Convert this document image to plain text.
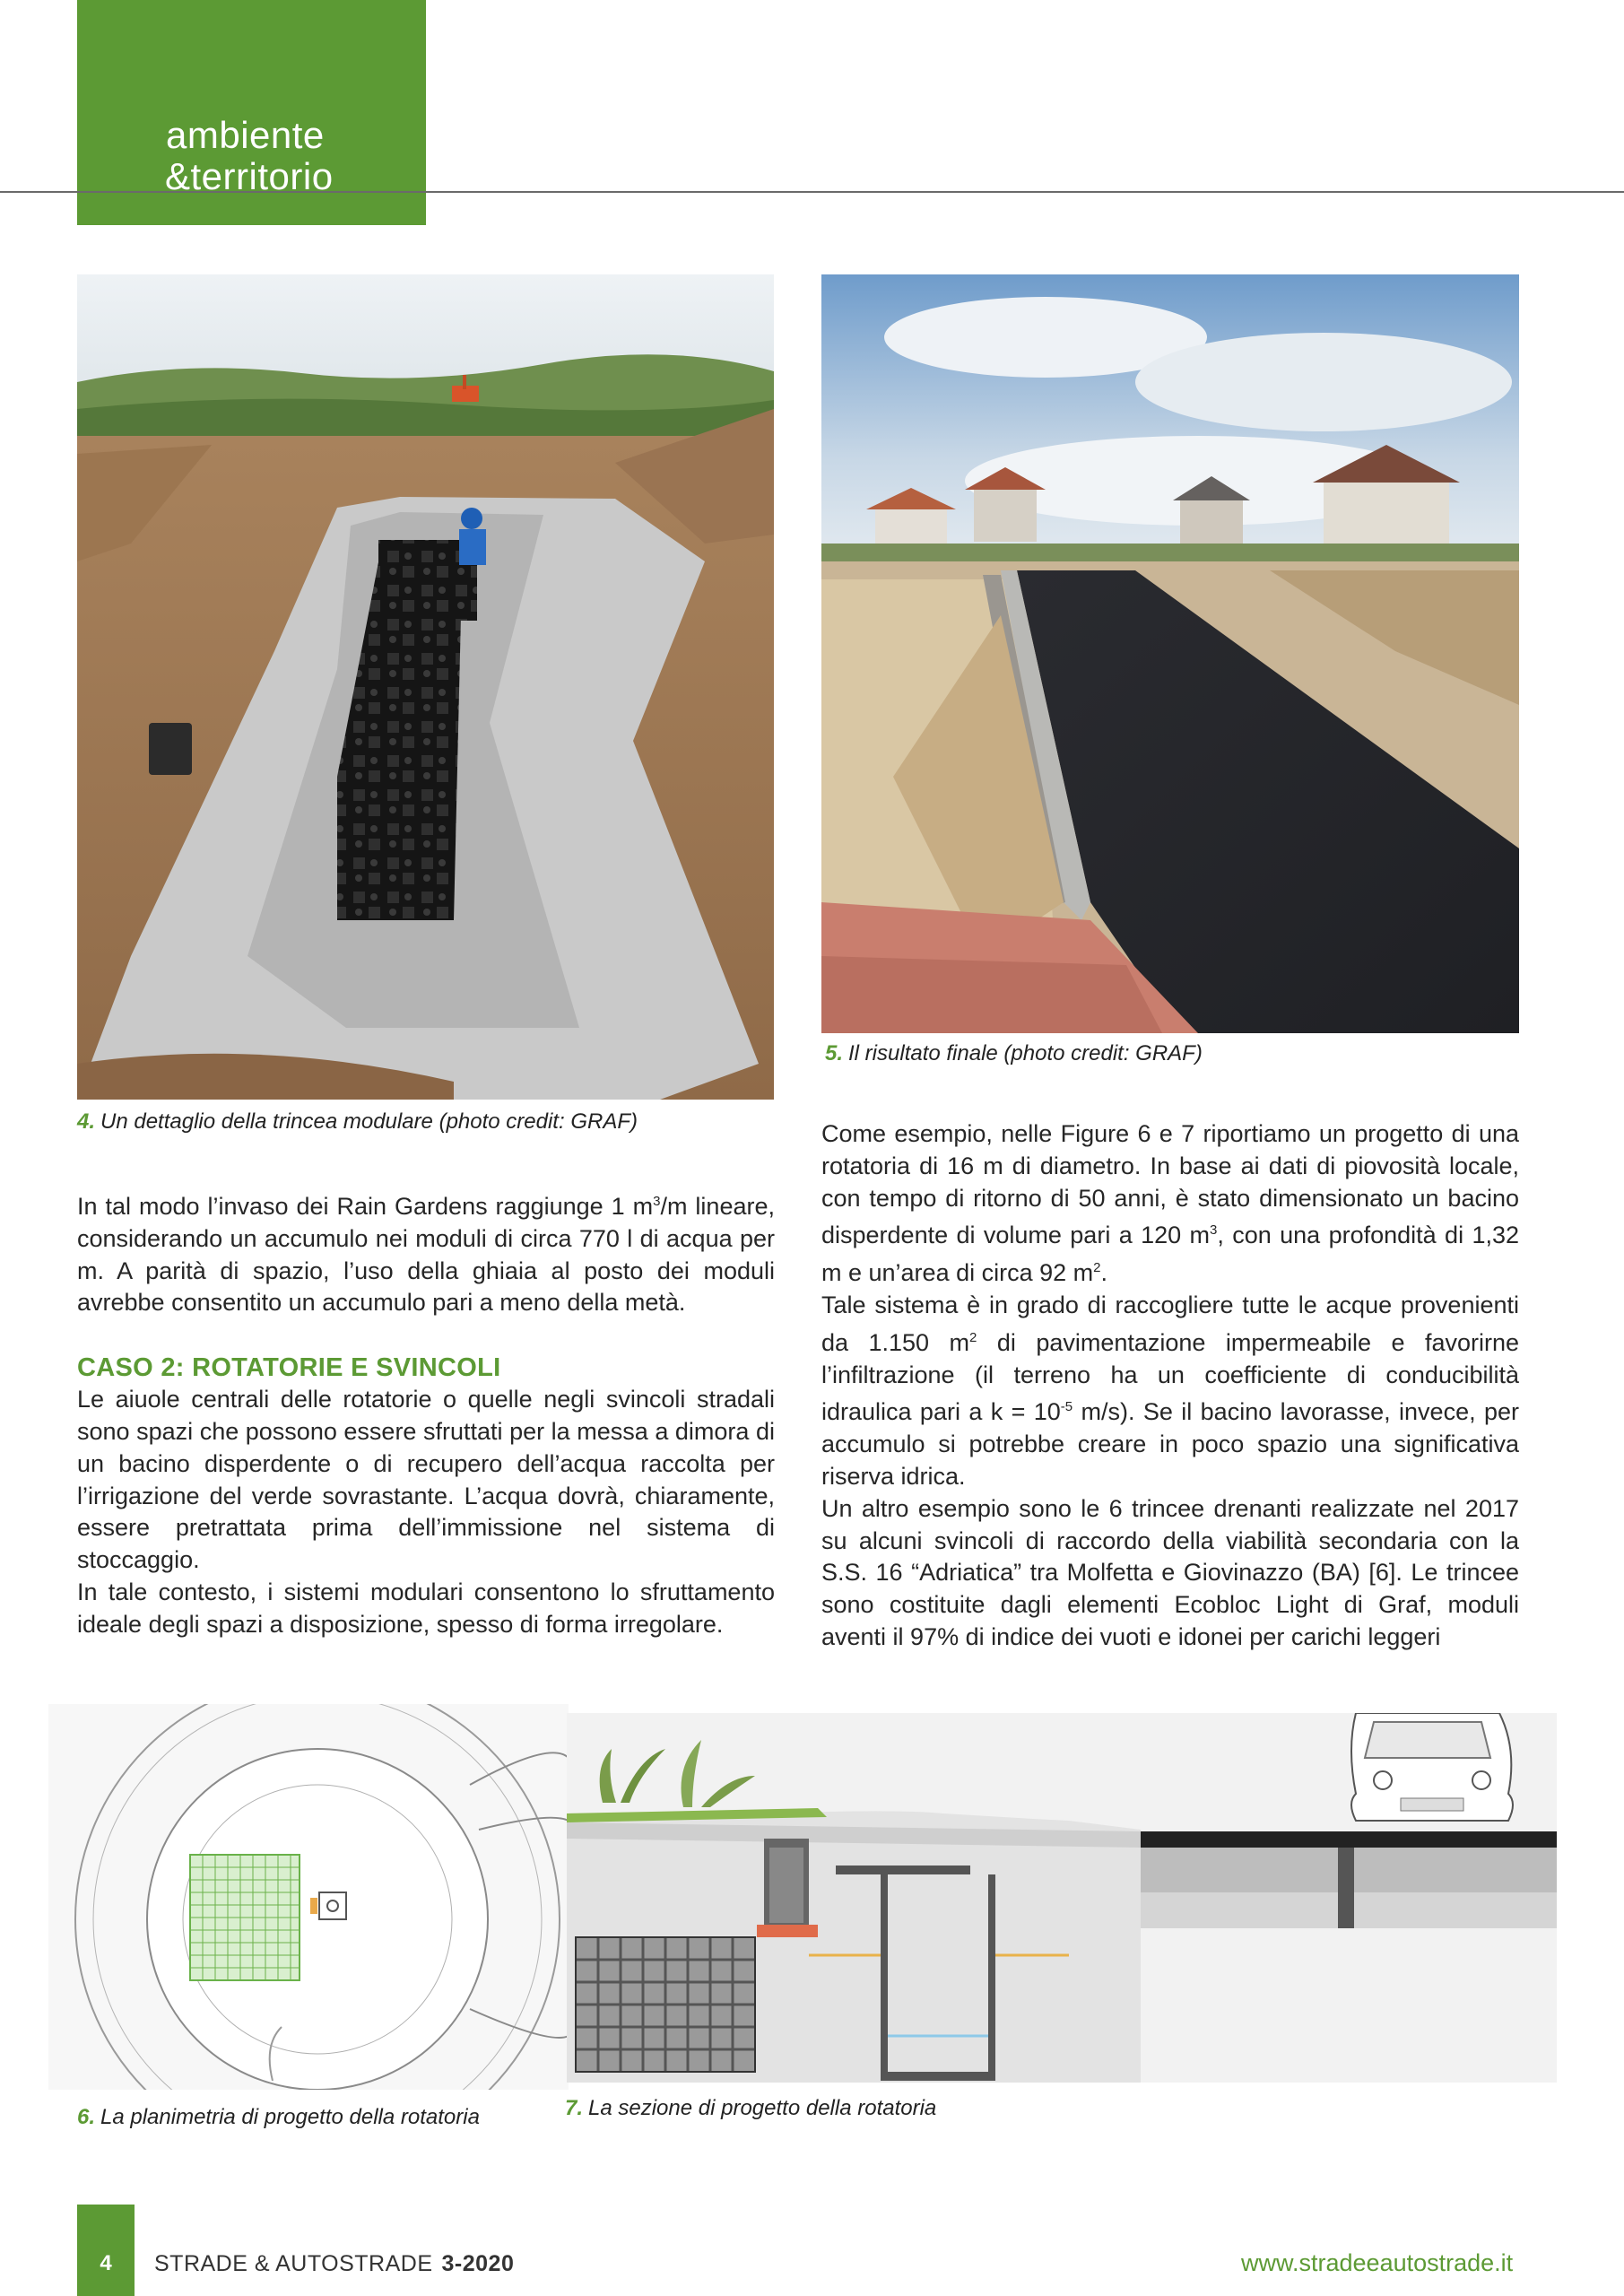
ambiente
&territorio
4. Un dettaglio della trincea modulare (photo credit: GRAF)
5. Il risultato finale (photo credit: GRAF)

In tal modo l’invaso dei Rain Gardens raggiunge 1 $m^3/m$ lineare, considerando un accumulo nei moduli di circa 770 l di acqua per m. A parità di spazio, l’uso della ghiaia al posto dei moduli avrebbe consentito un accumulo pari a meno della metà.

CASO 2: ROTATORIE E SVINCOLI

Le aiuole centrali delle rotatorie o quelle negli svincoli stradali sono spazi che possono essere sfruttati per la messa a dimora di un bacino disperdente o di recupero dell’acqua raccolta per l’irrigazione del verde sovrastante. L’acqua dovrà, chiaramente, essere pretrattata prima dell’immissione nel sistema di stoccaggio.

In tale contesto, i sistemi modulari consentono lo sfruttamento ideale degli spazi a disposizione, spesso di forma irregolare.

Come esempio, nelle Figure 6 e 7 riportiamo un progetto di una rotatoria di 16 m di diametro. In base ai dati di piovosità locale, con tempo di ritorno di 50 anni, è stato dimensionato un bacino disperdente di volume pari a 120 $m^3$, con una profondità di 1,32 m e un’area di circa 92 $m^2$.

Tale sistema è in grado di raccogliere tutte le acque provenienti da 1.150 $m^2$ di pavimentazione impermeabile e favorirne l’infiltrazione (il terreno ha un coefficiente di conducibilità idraulica pari a $k = 10^{-5}$ m/s). Se il bacino lavorasse, invece, per accumulo si potrebbe creare in poco spazio una significativa riserva idrica.

Un altro esempio sono le 6 trincee drenanti realizzate nel 2017 su alcuni svincoli di raccordo della viabilità secondaria con la S.S. 16 “Adriatica” tra Molfetta e Giovinazzo (BA) [6]. Le trincee sono costituite dagli elementi Ecobloc Light di Graf, moduli aventi il 97% di indice dei vuoti e idonei per carichi leggeri

6. La planimetria di progetto della rotatoria	7. La sezione di progetto della rotatoria
4	STRADE & AUTOSTRADE 3-2020	www.stradeeautostrade.it
